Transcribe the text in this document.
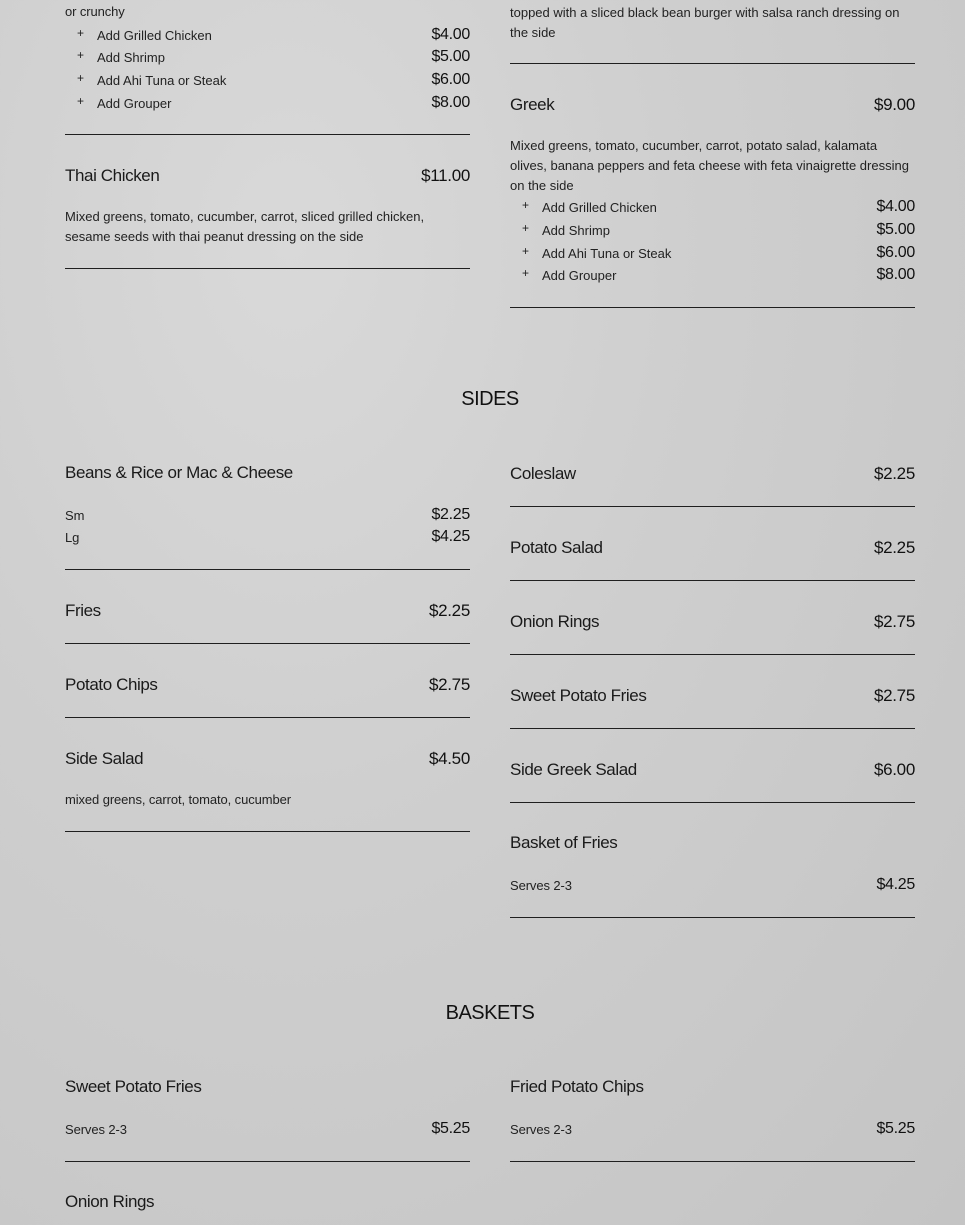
or crunchy
+ Add Grilled Chicken	$4.00
+ Add Shrimp	$5.00
+ Add Ahi Tuna or Steak	$6.00
+ Add Grouper	$8.00
Thai Chicken	$11.00
Mixed greens, tomato, cucumber, carrot, sliced grilled chicken, sesame seeds with thai peanut dressing on the side
topped with a sliced black bean burger with salsa ranch dressing on the side
Greek	$9.00
Mixed greens, tomato, cucumber, carrot, potato salad, kalamata olives, banana peppers and feta cheese with feta vinaigrette dressing on the side
+ Add Grilled Chicken	$4.00
+ Add Shrimp	$5.00
+ Add Ahi Tuna or Steak	$6.00
+ Add Grouper	$8.00
SIDES
Beans & Rice or Mac & Cheese
Sm	$2.25
Lg	$4.25
Fries	$2.25
Potato Chips	$2.75
Side Salad	$4.50
mixed greens, carrot, tomato, cucumber
Coleslaw	$2.25
Potato Salad	$2.25
Onion Rings	$2.75
Sweet Potato Fries	$2.75
Side Greek Salad	$6.00
Basket of Fries
Serves 2-3	$4.25
BASKETS
Sweet Potato Fries
Serves 2-3	$5.25
Fried Potato Chips
Serves 2-3	$5.25
Onion Rings
